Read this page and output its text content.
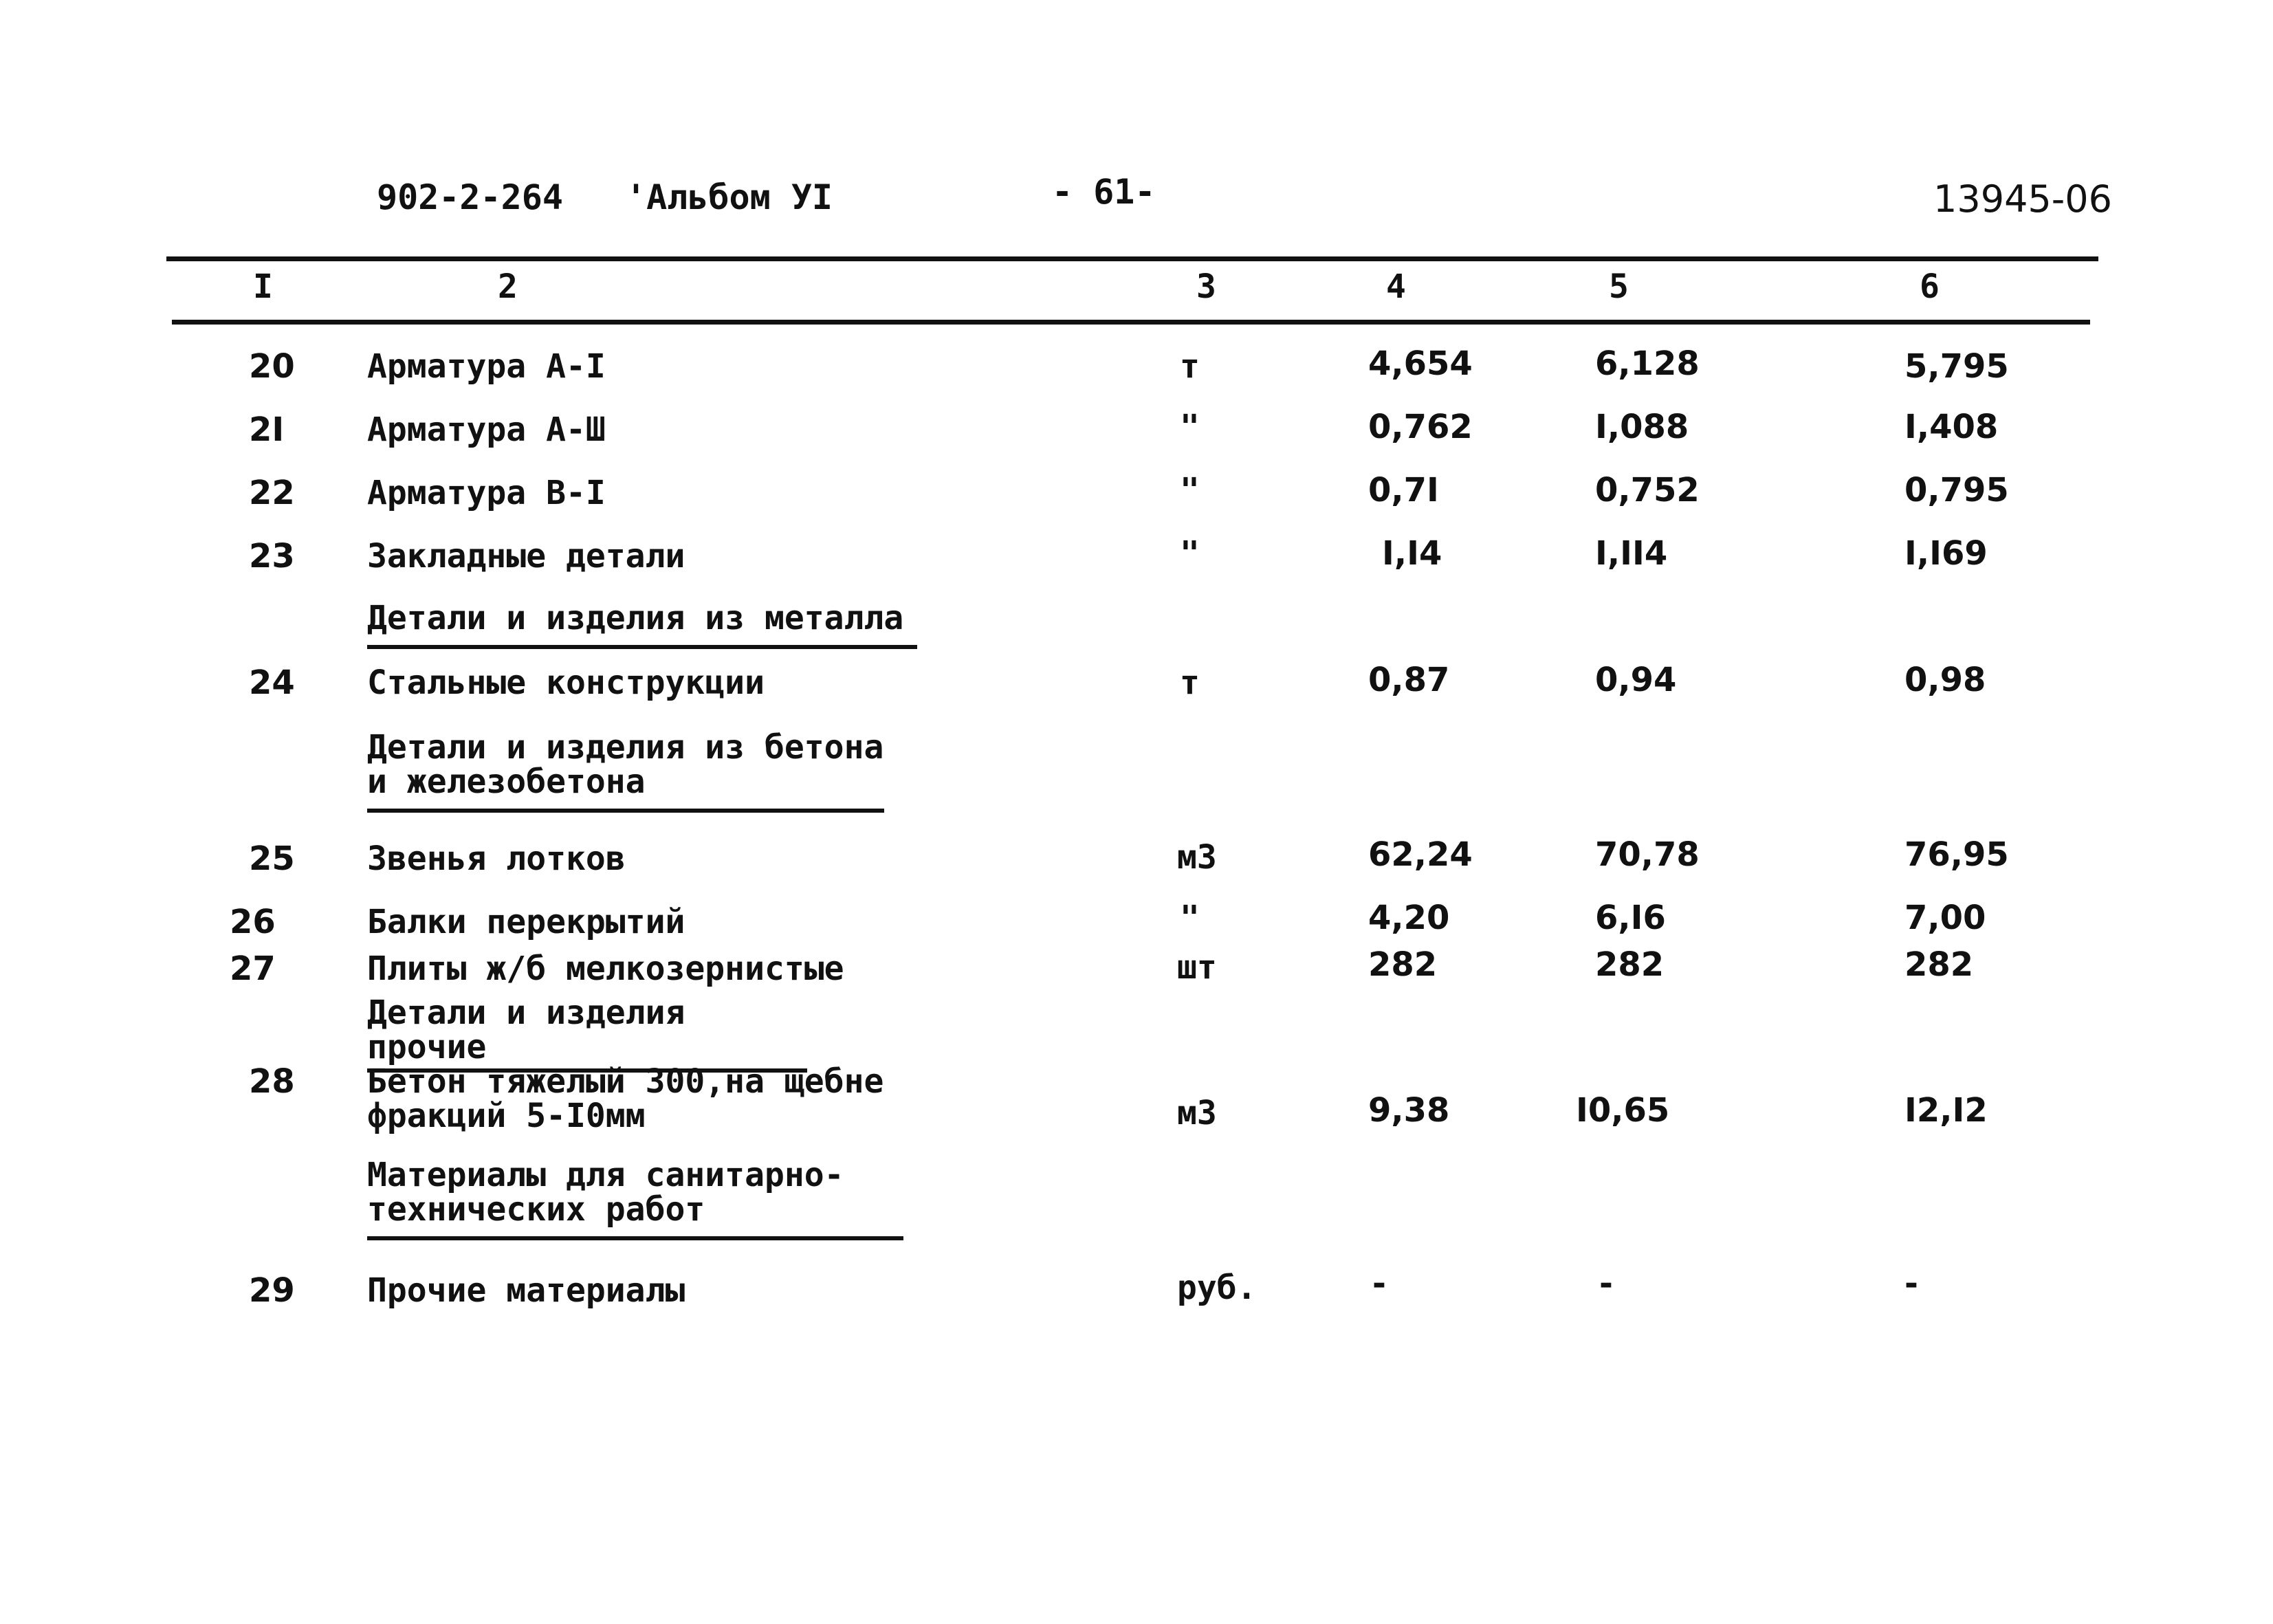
902-2-264 'Альбом УI	- 61-	13945-06
I	2	3	4	5	6
20 Арматура А-I	т	4,654	6,128	5,795
2I	Арматура А-Ш	"	0,762	I,088	I,408
22 Арматура В-I	"	0,7I	0,752	0,795
23 Закладные детали	"	I,I4	I,II4	I,I69
Детали и изделия из металла
24 Стальные конструкции	т	0,87	0,94	0,98
Детали и изделия из бетона
и железобетона
25 Звенья лотков	м3	62,24	70,78	76,95
26	Балки перекрытий	"	4,20	6,I6	7,00
27	Плиты ж/б мелкозернистые	шт	282	282	282
Детали и изделия прочие
28 Бетон тяжелый 300,на щебне
фракций 5-I0мм	м3	9,38	I0,65	I2,I2
Материалы для санитарно-
технических работ
29 Прочие материалы	руб.	-	-	-
